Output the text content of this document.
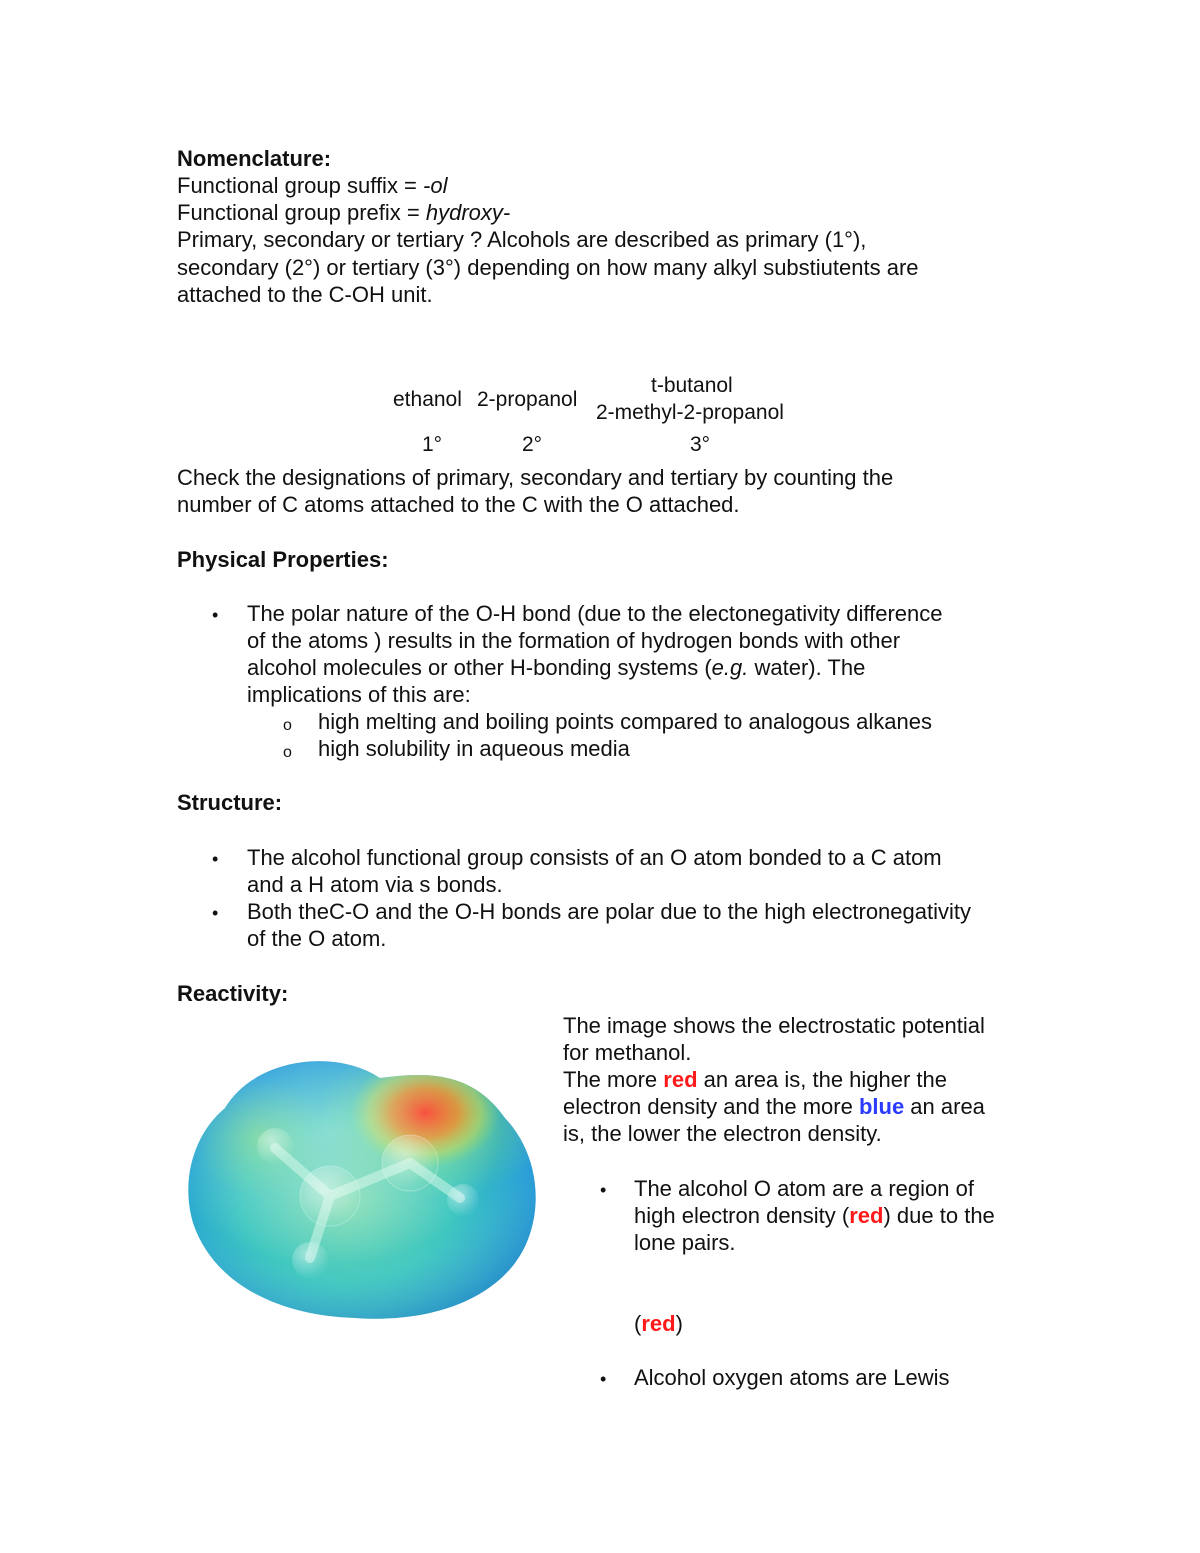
Nomenclature:
Functional group suffix = -ol
Functional group prefix = hydroxy-
Primary, secondary or tertiary ? Alcohols are described as primary (1°),
secondary (2°) or tertiary (3°) depending on how many alkyl substiutents are
attached to the C-OH unit.
ethanol 2-propanol
t-butanol
2-methyl-2-propanol
1°	2°	3°
Check the designations of primary, secondary and tertiary by counting the
number of C atoms attached to the C with the O attached.
Physical Properties:
• The polar nature of the O-H bond (due to the electonegativity difference
of the atoms ) results in the formation of hydrogen bonds with other
alcohol molecules or other H-bonding systems (e.g. water). The
implications of this are:
o high melting and boiling points compared to analogous alkanes
o high solubility in aqueous media
Structure:
• The alcohol functional group consists of an O atom bonded to a C atom
and a H atom via s bonds.
• Both theC-O and the O-H bonds are polar due to the high electronegativity
of the O atom.
Reactivity:
The image shows the electrostatic potential
for methanol.
The more red an area is, the higher the
electron density and the more blue an area
is, the lower the electron density.
• The alcohol O atom are a region of
high electron density (red) due to the
lone pairs.
(red)
• Alcohol oxygen atoms are Lewis
